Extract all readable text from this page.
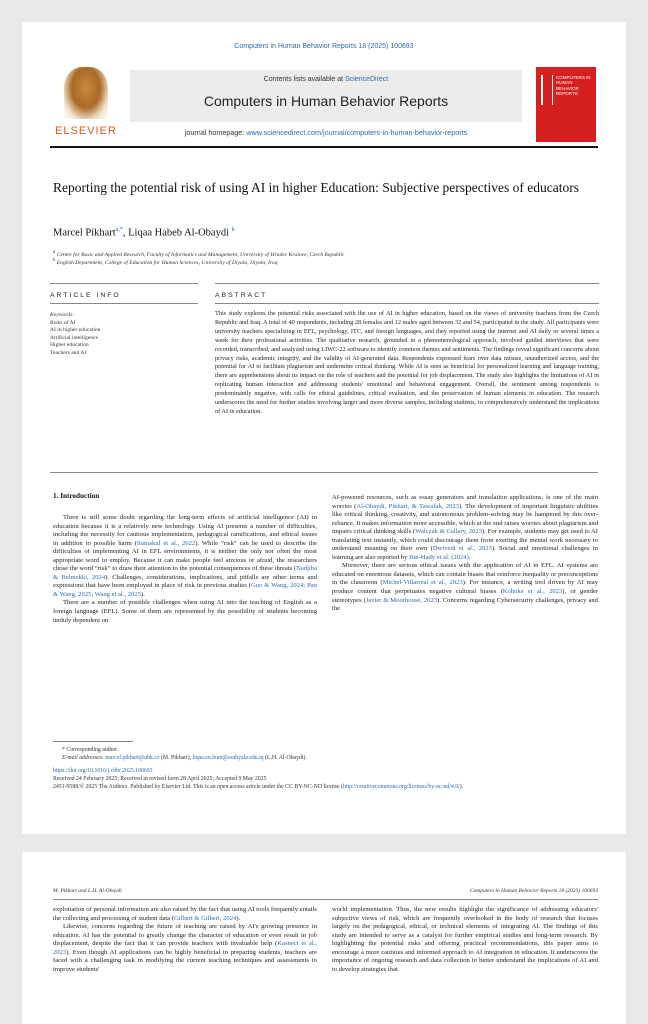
Computers in Human Behavior Reports 18 (2025) 100693
ELSEVIER
Contents lists available at ScienceDirect
Computers in Human Behavior Reports
journal homepage: www.sciencedirect.com/journal/computers-in-human-behavior-reports
COMPUTERS IN HUMAN BEHAVIOR REPORTS
Reporting the potential risk of using AI in higher Education: Subjective perspectives of educators
Marcel Pikhart$^{a,*}$, Liqaa Habeb Al-Obaydi $^b$
$^a$ Centre for Basic and Applied Research, Faculty of Informatics and Management, University of Hradec Kralove, Czech Republic
$^b$ English Department, College of Education for Human Sciences, University of Diyala, Diyala, Iraq
ARTICLE INFO	ABSTRACT
Keywords:
Risks of AI
AI in higher education
Artificial intelligence
Higher education
Teachers and AI
This study explores the potential risks associated with the use of AI in higher education, based on the views of university teachers from the Czech Republic and Iraq. A total of 40 respondents, including 28 females and 12 males aged between 32 and 54, participated in the study. All participants were university teachers specializing in EFL, psychology, ITC, and foreign languages, and they reported using the internet and AI daily or several times a week for their professional activities. The qualitative research, grounded in a phenomenological approach, involved guided interviews that were recorded, transcribed, and analyzed using LIWC-22 software to identify common themes and sentiments. The findings reveal significant concerns about privacy risks, academic integrity, and the validity of AI-generated data. Respondents expressed fears over data misuse, unauthorized access, and the potential for AI to facilitate plagiarism and undermine critical thinking. While AI is seen as beneficial for personalized learning and language training, there are apprehensions about its impact on the role of teachers and the potential for job displacement. The study also highlights the limitations of AI in replicating human interaction and addressing students' emotional and behavioral engagement. Overall, the sentiment among respondents is predominantly negative, with calls for ethical guidelines, critical evaluation, and the preservation of human elements in education. The research underscores the need for further studies involving larger and more diverse samples, including students, to comprehensively understand the implications of AI in education.
1. Introduction

There is still some doubt regarding the long-term effects of artificial intelligence (AI) in education because it is a relatively new technology. Using AI presents a number of difficulties, including the necessity for cautious implementation, pedagogical ramifications, and ethical issues in addition to possible harm (Sumakul et al., 2022). While “risk” can be used to describe the difficulties of implementing AI in EFL environments, it is neither the only nor often the most appropriate word to employ. Because it can make people feel anxious or afraid, the researchers chose the word “risk” to draw their attention to the potential consequences of these threats (Nadjiba & Belmekki, 2024). Challenges, considerations, implications, and pitfalls are other terms and expressions that have been employed in place of risk in previous studies (Guo & Wang, 2024; Pan & Wang, 2025; Wang et al., 2025).

There are a number of possible challenges when using AI into the teaching of English as a foreign language (EFL). Some of them are represented by the possibility of students becoming unduly dependent on

AI-powered resources, such as essay generators and translation applications, is one of the main worries (Al-Obaydi, Pikhart, & Tawafak, 2023). The development of important linguistic abilities like critical thinking, creativity, and autonomous problem-solving may be hampered by this over-reliance. It makes information more accessible, which at the end raises worries about plagiarism and impairs critical thinking skills (Walczak & Cellary, 2023). For example, students may get used to AI translating text instantly, which could discourage them from exerting the mental work necessary to understand meaning on their own (Dwivedi et al., 2023). Social and emotional challenges in learning are also reported by Bin-Hady et al. (2024).

Moreover, there are serious ethical issues with the application of AI in EFL. AI systems are educated on enormous datasets, which can contain biases that reinforce inequality or preconceptions in the classroom (Michel-Villarreal et al., 2023). For instance, a writing tool driven by AI may produce content that perpetuates negative cultural biases (Kohnke et al., 2023), or gender stereotypes (Javier & Moorhouse, 2023). Concerns regarding Cybersecurity challenges, privacy and the

* Corresponding author.
E-mail addresses: marcel.pikhart@uhk.cz (M. Pikhart), liqaa.en.hum@uodiyala.edu.iq (L.H. Al-Obaydi).
https://doi.org/10.1016/j.chbr.2025.100693
Received 24 February 2025; Received in revised form 28 April 2025; Accepted 9 May 2025
2451-9588/© 2025 The Authors. Published by Elsevier Ltd. This is an open access article under the CC BY-NC-ND license (http://creativecommons.org/licenses/by-nc-nd/4.0/).
M. Pikhart and L.H. Al-Obaydi	Computers in Human Behavior Reports 18 (2025) 100693

exploitation of personal information are also raised by the fact that using AI tools frequently entails the collecting and processing of student data (Gilbert & Gilbert, 2024).

Likewise, concerns regarding the future of teaching are raised by AI's growing presence in education. AI has the potential to greatly change the character of education or even result in job displacement, despite the fact that it can provide teachers with invaluable help (Kasneci et al., 2023). Even though AI applications can be highly beneficial in preparing students, teachers are faced with a challenging task in modifying the current teaching techniques and assessments to improve students'

world implementation. Thus, the new results highlight the significance of addressing educators' subjective views of risk, which are frequently overlooked in the body of research that focuses largely on the pedagogical, ethical, or technical elements of integrating AI. The findings of this study are intended to serve as a catalyst for further empirical studies and long-term research. By highlighting the potential risks and offering practical recommendations, this paper aims to encourage a more cautious and informed approach to AI integration in education. It underscores the importance of ongoing research and data collection to better understand the implications of AI and to develop strategies that
